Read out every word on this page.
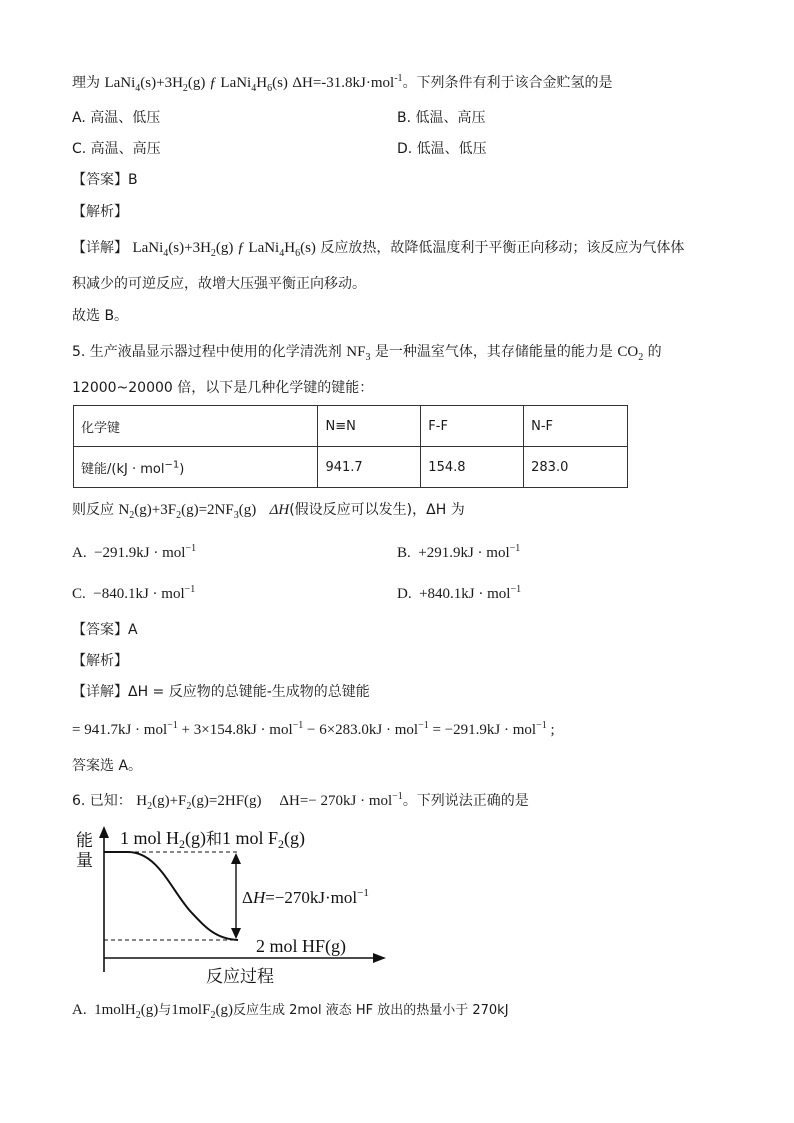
理为 $LaNi_4(s)+3H_2(g)$ ƒ $LaNi_4H_6(s)$ ΔH=-31.8kJ·mol$^{-1}$。下列条件有利于该合金贮氢的是
A. 高温、低压	B. 低温、高压
C. 高温、高压	D. 低温、低压
【答案】B
【解析】
【详解】 $LaNi_4(s)+3H_2(g)$ ƒ $LaNi_4H_6(s)$ 反应放热，故降低温度利于平衡正向移动；该反应为气体体
积减少的可逆反应，故增大压强平衡正向移动。
故选 B。
5. 生产液晶显示器过程中使用的化学清洗剂 $NF_3$ 是一种温室气体，其存储能量的能力是 $CO_2$ 的
12000~20000 倍，以下是几种化学键的键能：
化学键	N≡N	F-F	N-F
键能/(kJ · mol$^{-1}$)	941.7	154.8	283.0
则反应 $N_2(g)+3F_2(g)=2NF_3(g)$ ΔH(假设反应可以发生)，ΔH 为
A.  −291.9kJ · mol$^{-1}$	B.  +291.9kJ · mol$^{-1}$
C.  −840.1kJ · mol$^{-1}$	D.  +840.1kJ · mol$^{-1}$
【答案】A
【解析】
【详解】ΔH = 反应物的总键能-生成物的总键能
= 941.7kJ · mol$^{-1}$ + 3×154.8kJ · mol$^{-1}$ − 6×283.0kJ · mol$^{-1}$ = −291.9kJ · mol$^{-1}$ ;
答案选 A。
6. 已知： $H_2(g)+F_2(g)=2HF(g)$ ΔH=− 270kJ · mol$^{-1}$。下列说法正确的是
能
量
反应过程
1 mol $H_2(g)$和1 mol $F_2(g)$
ΔH=−270kJ·mol$^{-1}$
2 mol HF(g)
A.  1molH$_2$(g)与1molF$_2$(g)反应生成 2mol 液态 HF 放出的热量小于 270kJ
